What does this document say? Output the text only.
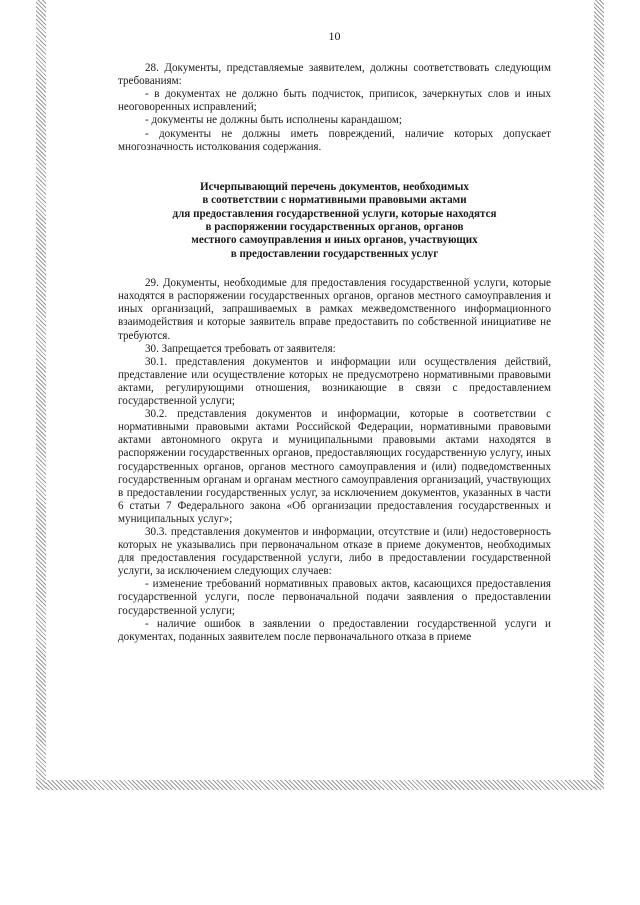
10

28. Документы, представляемые заявителем, должны соответствовать следующим требованиям:

- в документах не должно быть подчисток, приписок, зачеркнутых слов и иных неоговоренных исправлений;

- документы не должны быть исполнены карандашом;

- документы не должны иметь повреждений, наличие которых допускает многозначность истолкования содержания.

Исчерпывающий перечень документов, необходимых
в соответствии с нормативными правовыми актами
для предоставления государственной услуги, которые находятся
в распоряжении государственных органов, органов
местного самоуправления и иных органов, участвующих
в предоставлении государственных услуг

29. Документы, необходимые для предоставления государственной услуги, которые находятся в распоряжении государственных органов, органов местного самоуправления и иных организаций, запрашиваемых в рамках межведомственного информационного взаимодействия и которые заявитель вправе предоставить по собственной инициативе не требуются.

30. Запрещается требовать от заявителя:

30.1. представления документов и информации или осуществления действий, представление или осуществление которых не предусмотрено нормативными правовыми актами, регулирующими отношения, возникающие в связи с предоставлением государственной услуги;

30.2. представления документов и информации, которые в соответствии с нормативными правовыми актами Российской Федерации, нормативными правовыми актами автономного округа и муниципальными правовыми актами находятся в распоряжении государственных органов, предоставляющих государственную услугу, иных государственных органов, органов местного самоуправления и (или) подведомственных государственным органам и органам местного самоуправления организаций, участвующих в предоставлении государственных услуг, за исключением документов, указанных в части 6 статьи 7 Федерального закона «Об организации предоставления государственных и муниципальных услуг»;

30.3. представления документов и информации, отсутствие и (или) недостоверность которых не указывались при первоначальном отказе в приеме документов, необходимых для предоставления государственной услуги, либо в предоставлении государственной услуги, за исключением следующих случаев:

- изменение требований нормативных правовых актов, касающихся предоставления государственной услуги, после первоначальной подачи заявления о предоставлении государственной услуги;

- наличие ошибок в заявлении о предоставлении государственной услуги и документах, поданных заявителем после первоначального отказа в приеме
